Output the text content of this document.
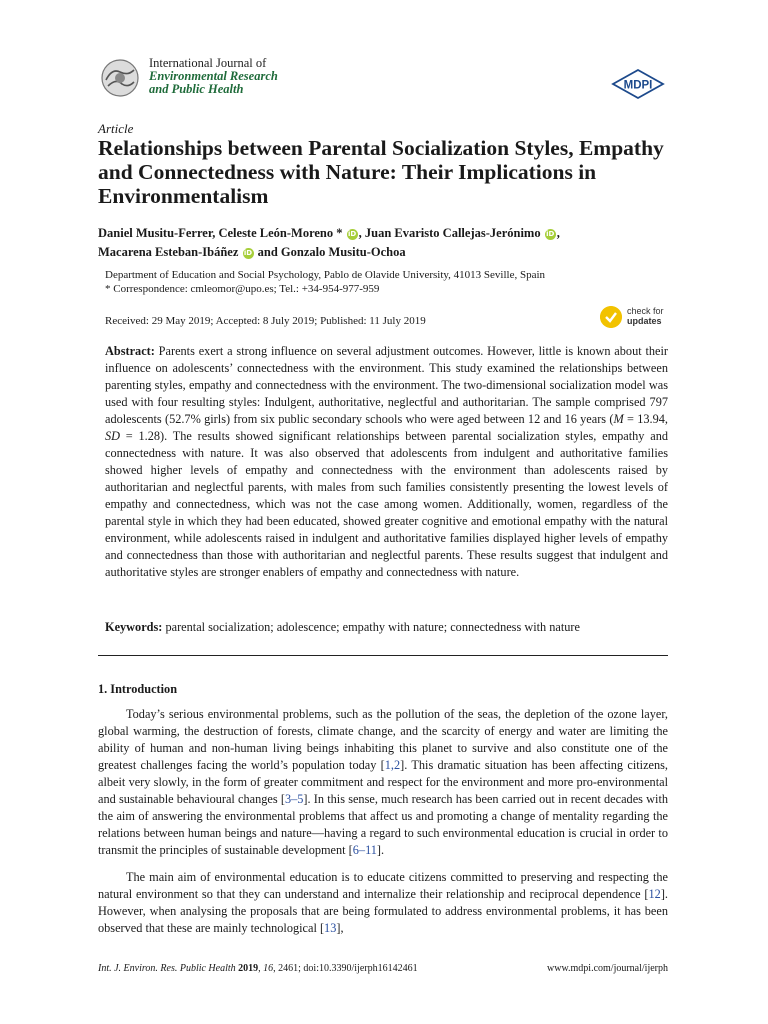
International Journal of
Environmental Research
and Public Health	MDPI
Article
Relationships between Parental Socialization Styles, Empathy and Connectedness with Nature: Their Implications in Environmentalism
Daniel Musitu-Ferrer, Celeste León-Moreno * iD , Juan Evaristo Callejas-Jerónimo iD ,
Macarena Esteban-Ibáñez iD and Gonzalo Musitu-Ochoa
Department of Education and Social Psychology, Pablo de Olavide University, 41013 Seville, Spain
* Correspondence: cmleomor@upo.es; Tel.: +34-954-977-959
Received: 29 May 2019; Accepted: 8 July 2019; Published: 11 July 2019
check for
updates
Abstract: Parents exert a strong influence on several adjustment outcomes. However, little is known about their influence on adolescents’ connectedness with the environment. This study examined the relationships between parenting styles, empathy and connectedness with the environment. The two-dimensional socialization model was used with four resulting styles: Indulgent, authoritative, neglectful and authoritarian. The sample comprised 797 adolescents (52.7% girls) from six public secondary schools who were aged between 12 and 16 years (M = 13.94, SD = 1.28). The results showed significant relationships between parental socialization styles, empathy and connectedness with nature. It was also observed that adolescents from indulgent and authoritative families showed higher levels of empathy and connectedness with the environment than adolescents raised by authoritarian and neglectful parents, with males from such families consistently presenting the lowest levels of empathy and connectedness, which was not the case among women. Additionally, women, regardless of the parental style in which they had been educated, showed greater cognitive and emotional empathy with the natural environment, while adolescents raised in indulgent and authoritative families displayed higher levels of empathy and connectedness than those with authoritarian and neglectful parents. These results suggest that indulgent and authoritative styles are stronger enablers of empathy and connectedness with nature.
Keywords: parental socialization; adolescence; empathy with nature; connectedness with nature
1. Introduction
Today’s serious environmental problems, such as the pollution of the seas, the depletion of the ozone layer, global warming, the destruction of forests, climate change, and the scarcity of energy and water are limiting the ability of human and non-human living beings inhabiting this planet to survive and also constitute one of the greatest challenges facing the world’s population today [1,2]. This dramatic situation has been affecting citizens, albeit very slowly, in the form of greater commitment and respect for the environment and more pro-environmental and sustainable behavioural changes [3–5]. In this sense, much research has been carried out in recent decades with the aim of answering the environmental problems that affect us and promoting a change of mentality regarding the relations between human beings and nature—having a regard to such environmental education is crucial in order to transmit the principles of sustainable development [6–11].
The main aim of environmental education is to educate citizens committed to preserving and respecting the natural environment so that they can understand and internalize their relationship and reciprocal dependence [12]. However, when analysing the proposals that are being formulated to address environmental problems, it has been observed that these are mainly technological [13],
Int. J. Environ. Res. Public Health 2019, 16, 2461; doi:10.3390/ijerph16142461	www.mdpi.com/journal/ijerph
